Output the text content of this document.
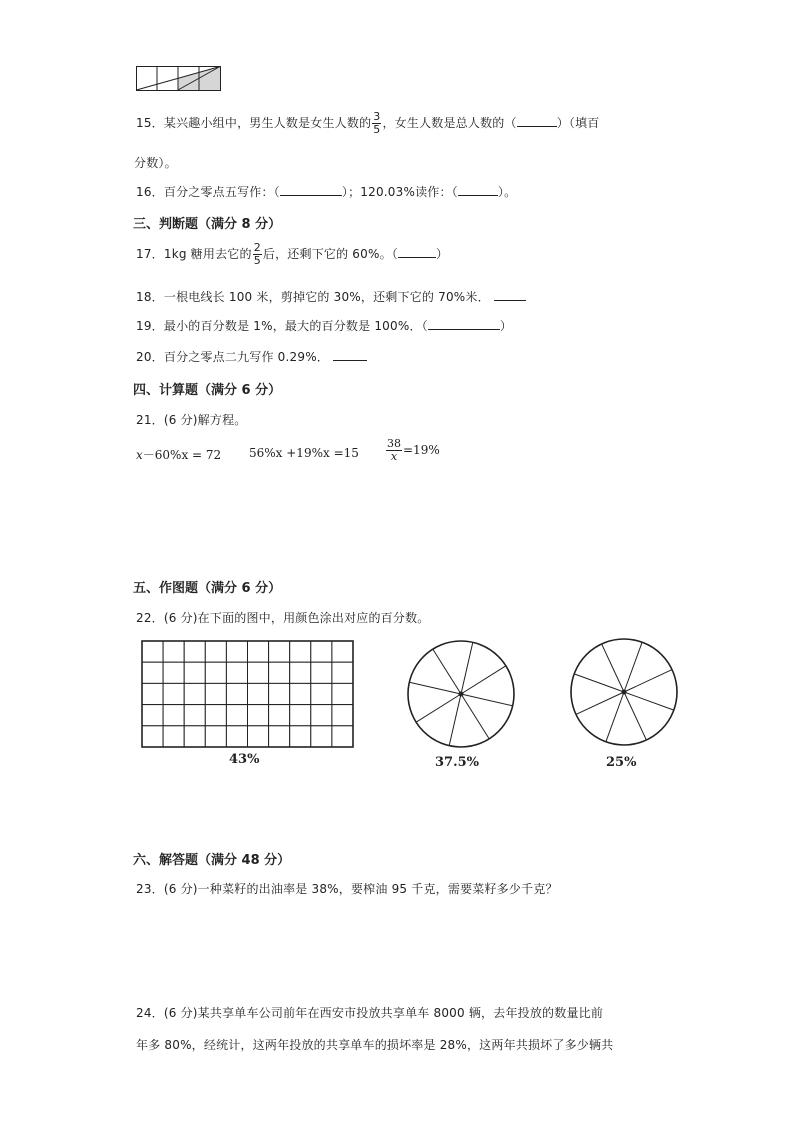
15．某兴趣小组中，男生人数是女生人数的 $\frac{3}{5}$ ，女生人数是总人数的（	）（填百
分数）。
16．百分之零点五写作：（	）；120.03%读作：（	）。
三、判断题（满分 8 分）
17．1kg 糖用去它的 $\frac{2}{5}$ 后，还剩下它的 60%。（	）
18．一根电线长 100 米，剪掉它的 30%，还剩下它的 70%米．
19．最小的百分数是 1%，最大的百分数是 100%．（	）
20．百分之零点二九写作 0.29%．
四、计算题（满分 6 分）
21．(6 分)解方程。
x－60%x = 72 $56\%x +19\%x =15 \frac{38}{x} =19\%$
五、作图题（满分 6 分）
22．(6 分)在下面的图中，用颜色涂出对应的百分数。
43%	37.5%	25%
六、解答题（满分 48 分）
23．(6 分)一种菜籽的出油率是 38%，要榨油 95 千克，需要菜籽多少千克？
24．(6 分)某共享单车公司前年在西安市投放共享单车 8000 辆，去年投放的数量比前
年多 80%，经统计，这两年投放的共享单车的损坏率是 28%，这两年共损坏了多少辆共
